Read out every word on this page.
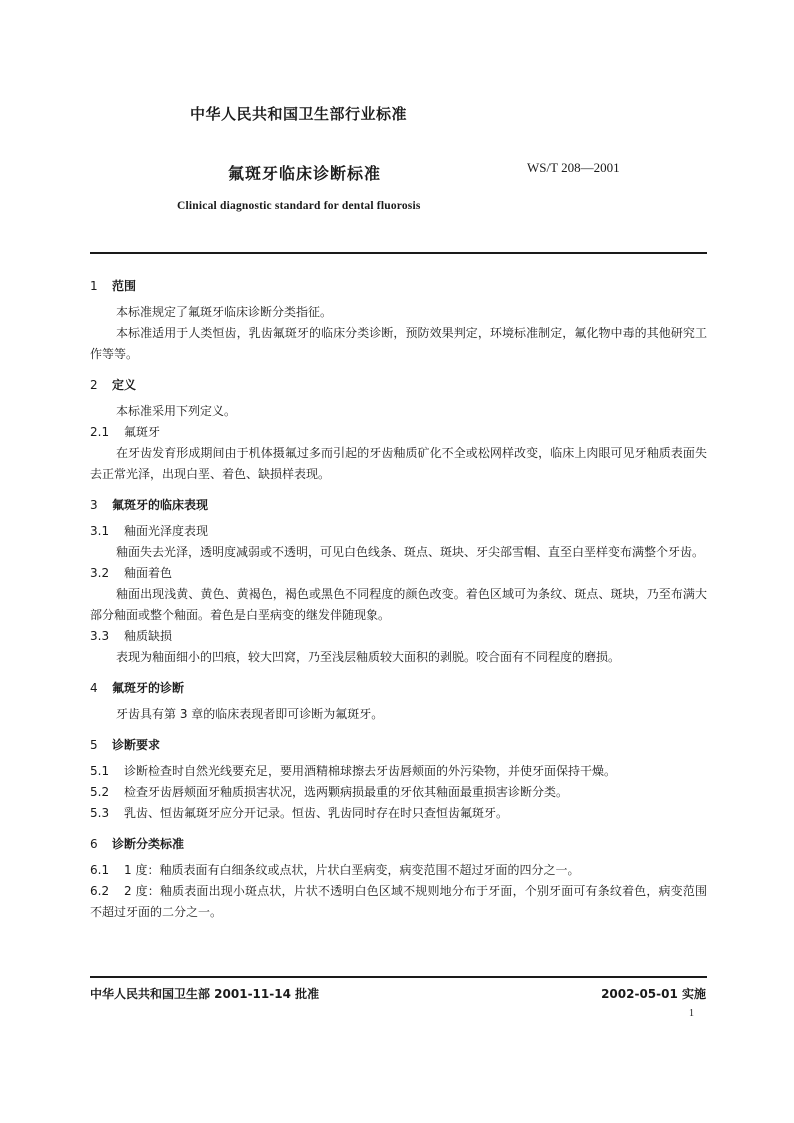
中华人民共和国卫生部行业标准
氟斑牙临床诊断标准	WS/T 208—2001
Clinical diagnostic standard for dental fluorosis

1 范围

本标准规定了氟斑牙临床诊断分类指征。

本标准适用于人类恒齿，乳齿氟斑牙的临床分类诊断，预防效果判定，环境标准制定，氟化物中毒的其他研究工作等等。

2 定义

本标准采用下列定义。

2.1 氟斑牙

在牙齿发育形成期间由于机体摄氟过多而引起的牙齿釉质矿化不全或松网样改变，临床上肉眼可见牙釉质表面失去正常光泽，出现白垩、着色、缺损样表现。

3 氟斑牙的临床表现

3.1 釉面光泽度表现

釉面失去光泽，透明度减弱或不透明，可见白色线条、斑点、斑块、牙尖部雪帽、直至白垩样变布满整个牙齿。

3.2 釉面着色

釉面出现浅黄、黄色、黄褐色，褐色或黑色不同程度的颜色改变。着色区域可为条纹、斑点、斑块，乃至布满大部分釉面或整个釉面。着色是白垩病变的继发伴随现象。

3.3 釉质缺损

表现为釉面细小的凹痕，较大凹窝，乃至浅层釉质较大面积的剥脱。咬合面有不同程度的磨损。

4 氟斑牙的诊断

牙齿具有第 3 章的临床表现者即可诊断为氟斑牙。

5 诊断要求

5.1 诊断检查时自然光线要充足，要用酒精棉球擦去牙齿唇颊面的外污染物，并使牙面保持干燥。

5.2 检查牙齿唇颊面牙釉质损害状况，选两颗病损最重的牙依其釉面最重损害诊断分类。

5.3 乳齿、恒齿氟斑牙应分开记录。恒齿、乳齿同时存在时只查恒齿氟斑牙。

6 诊断分类标准

6.1 1 度：釉质表面有白细条纹或点状，片状白垩病变，病变范围不超过牙面的四分之一。

6.2 2 度：釉质表面出现小斑点状，片状不透明白色区域不规则地分布于牙面，个别牙面可有条纹着色，病变范围不超过牙面的二分之一。

中华人民共和国卫生部 2001-11-14 批准	2002-05-01 实施
1
